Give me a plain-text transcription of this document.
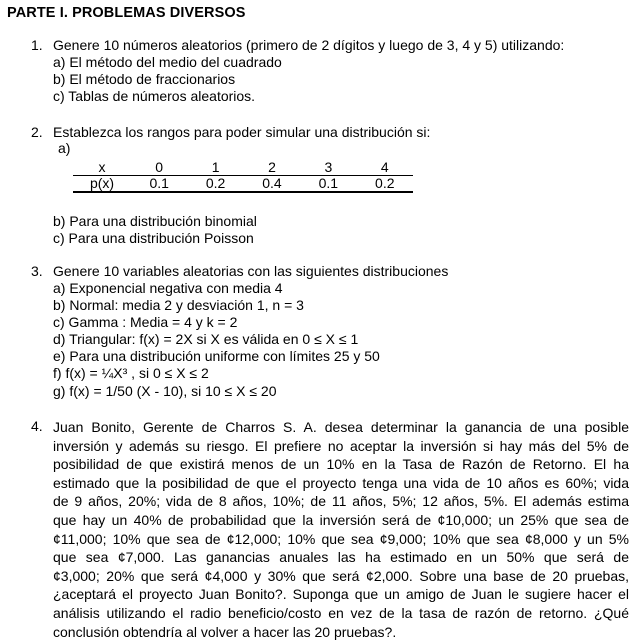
PARTE I. PROBLEMAS DIVERSOS
1. Genere 10 números aleatorios (primero de 2 dígitos y luego de 3, 4 y 5) utilizando:
a) El método del medio del cuadrado
b) El método de fraccionarios
c) Tablas de números aleatorios.
2. Establezca los rangos para poder simular una distribución si:
a)
x	0	1	2	3	4
p(x)	0.1	0.2	0.4	0.1	0.2
b) Para una distribución binomial
c) Para una distribución Poisson
3. Genere 10 variables aleatorias con las siguientes distribuciones
a) Exponencial negativa con media 4
b) Normal: media 2 y desviación 1, n = 3
c) Gamma : Media = 4 y k = 2
d) Triangular: f(x) = 2X si X es válida en 0 ≤ X ≤ 1
e) Para una distribución uniforme con límites 25 y 50
f) f(x) = ¼X³ , si 0 ≤ X ≤ 2
g) f(x) = 1/50 (X - 10), si 10 ≤ X ≤ 20
4. Juan Bonito, Gerente de Charros S. A. desea determinar la ganancia de una posible
inversión y además su riesgo. El prefiere no aceptar la inversión si hay más del 5% de
posibilidad de que existirá menos de un 10% en la Tasa de Razón de Retorno. El ha
estimado que la posibilidad de que el proyecto tenga una vida de 10 años es 60%; vida
de 9 años, 20%; vida de 8 años, 10%; de 11 años, 5%; 12 años, 5%. El además estima
que hay un 40% de probabilidad que la inversión será de ¢10,000; un 25% que sea de
¢11,000; 10% que sea de ¢12,000; 10% que sea ¢9,000; 10% que sea ¢8,000 y un 5%
que sea ¢7,000. Las ganancias anuales las ha estimado en un 50% que será de
¢3,000; 20% que será ¢4,000 y 30% que será ¢2,000. Sobre una base de 20 pruebas,
¿aceptará el proyecto Juan Bonito?. Suponga que un amigo de Juan le sugiere hacer el
análisis utilizando el radio beneficio/costo en vez de la tasa de razón de retorno. ¿Qué
conclusión obtendría al volver a hacer las 20 pruebas?.
